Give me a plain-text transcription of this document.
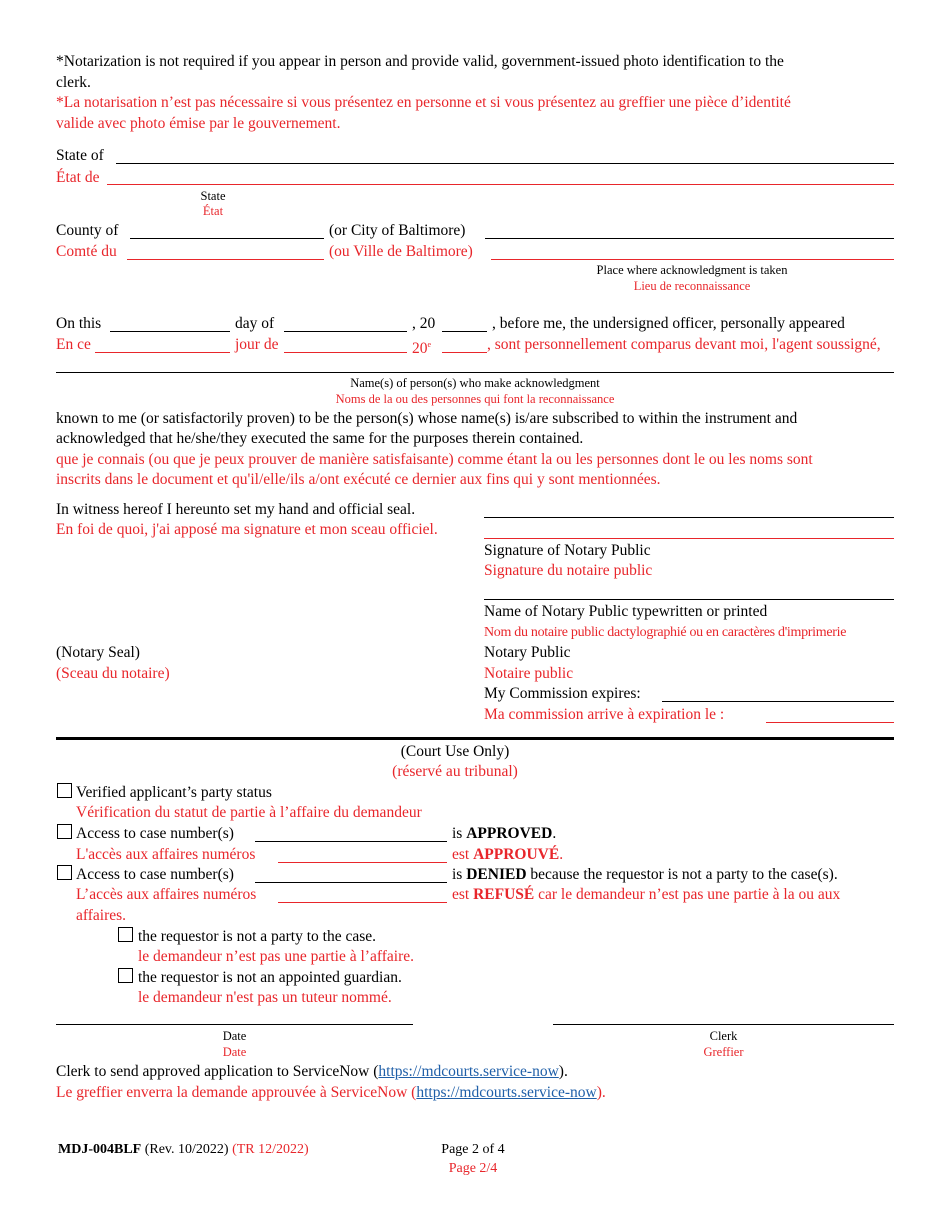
*Notarization is not required if you appear in person and provide valid, government-issued photo identification to the
clerk.
*La notarisation n’est pas nécessaire si vous présentez en personne et si vous présentez au greffier une pièce d’identité
valide avec photo émise par le gouvernement.
State of
État de
State
État
County of	(or City of Baltimore)
Comté du	(ou Ville de Baltimore)
Place where acknowledgment is taken
Lieu de reconnaissance
On this	day of	, 20	, before me, the undersigned officer, personally appeared
En ce	jour de	20e	, sont personnellement comparus devant moi, l'agent soussigné,
Name(s) of person(s) who make acknowledgment
Noms de la ou des personnes qui font la reconnaissance
known to me (or satisfactorily proven) to be the person(s) whose name(s) is/are subscribed to within the instrument and
acknowledged that he/she/they executed the same for the purposes therein contained.
que je connais (ou que je peux prouver de manière satisfaisante) comme étant la ou les personnes dont le ou les noms sont
inscrits dans le document et qu'il/elle/ils a/ont exécuté ce dernier aux fins qui y sont mentionnées.
In witness hereof I hereunto set my hand and official seal.
En foi de quoi, j'ai apposé ma signature et mon sceau officiel.
Signature of Notary Public
Signature du notaire public
Name of Notary Public typewritten or printed
Nom du notaire public dactylographié ou en caractères d'imprimerie
(Notary Seal)
(Sceau du notaire)
Notary Public
Notaire public
My Commission expires:
Ma commission arrive à expiration le :
(Court Use Only)
(réservé au tribunal)
Verified applicant’s party status
Vérification du statut de partie à l’affaire du demandeur
Access to case number(s)	is APPROVED.
L'accès aux affaires numéros	est APPROUVÉ.
Access to case number(s)	is DENIED because the requestor is not a party to the case(s).
L’accès aux affaires numéros	est REFUSÉ car le demandeur n’est pas une partie à la ou aux
affaires.
the requestor is not a party to the case.
le demandeur n’est pas une partie à l’affaire.
the requestor is not an appointed guardian.
le demandeur n'est pas un tuteur nommé.
Date
Date
Clerk
Greffier
Clerk to send approved application to ServiceNow (https://mdcourts.service-now).
Le greffier enverra la demande approuvée à ServiceNow (https://mdcourts.service-now).
MDJ-004BLF (Rev. 10/2022) (TR 12/2022)	Page 2 of 4
Page 2/4
